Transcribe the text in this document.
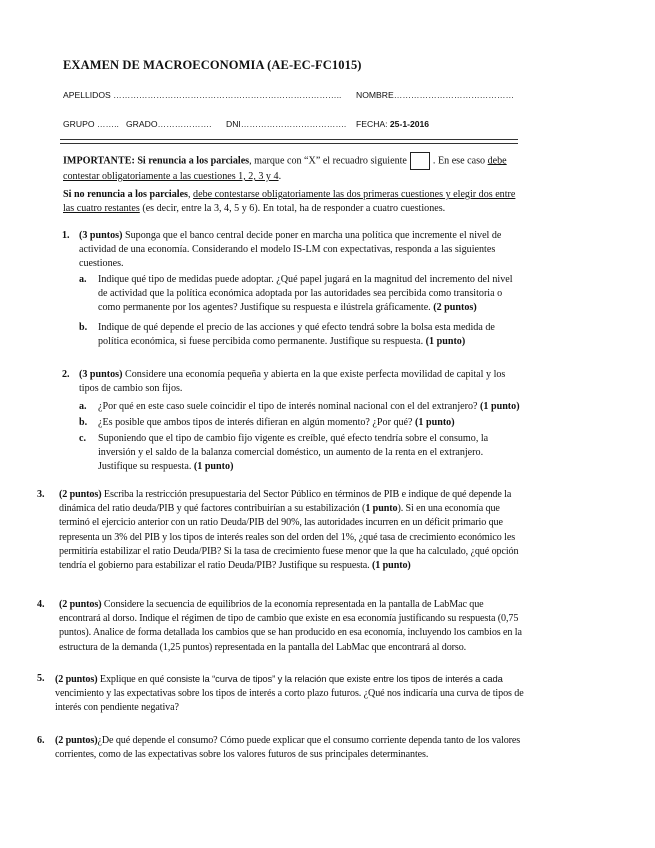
EXAMEN DE MACROECONOMIA (AE-EC-FC1015)
APELLIDOS …………………………………………………………………….. NOMBRE……………………………………
GRUPO …….. GRADO………………. DNI………………………………. FECHA: 25-1-2016
IMPORTANTE: Si renuncia a los parciales, marque con “X” el recuadro siguiente	. En ese caso debe
contestar obligatoriamente a las cuestiones 1, 2, 3 y 4.
Si no renuncia a los parciales, debe contestarse obligatoriamente las dos primeras cuestiones y elegir dos entre
las cuatro restantes (es decir, entre la 3, 4, 5 y 6). En total, ha de responder a cuatro cuestiones.
1. (3 puntos) Suponga que el banco central decide poner en marcha una política que incremente el nivel de
actividad de una economía. Considerando el modelo IS-LM con expectativas, responda a las siguientes
cuestiones.
a. Indique qué tipo de medidas puede adoptar. ¿Qué papel jugará en la magnitud del incremento del nivel
de actividad que la política económica adoptada por las autoridades sea percibida como transitoria o
como permanente por los agentes? Justifique su respuesta e ilústrela gráficamente. (2 puntos)
b. Indique de qué depende el precio de las acciones y qué efecto tendrá sobre la bolsa esta medida de
política económica, si fuese percibida como permanente. Justifique su respuesta. (1 punto)
2. (3 puntos) Considere una economía pequeña y abierta en la que existe perfecta movilidad de capital y los
tipos de cambio son fijos.
a. ¿Por qué en este caso suele coincidir el tipo de interés nominal nacional con el del extranjero? (1 punto)
b. ¿Es posible que ambos tipos de interés difieran en algún momento? ¿Por qué? (1 punto)
c. Suponiendo que el tipo de cambio fijo vigente es creíble, qué efecto tendría sobre el consumo, la
inversión y el saldo de la balanza comercial doméstico, un aumento de la renta en el extranjero.
Justifique su respuesta. (1 punto)
3. (2 puntos) Escriba la restricción presupuestaria del Sector Público en términos de PIB e indique de qué depende la
dinámica del ratio deuda/PIB y qué factores contribuirían a su estabilización (1 punto). Si en una economía que
terminó el ejercicio anterior con un ratio Deuda/PIB del 90%, las autoridades incurren en un déficit primario que
representa un 3% del PIB y los tipos de interés reales son del orden del 1%, ¿qué tasa de crecimiento económico les
permitiría estabilizar el ratio Deuda/PIB? Si la tasa de crecimiento fuese menor que la que ha calculado, ¿qué opción
tendría el gobierno para estabilizar el ratio Deuda/PIB? Justifique su respuesta. (1 punto)
4. (2 puntos) Considere la secuencia de equilibrios de la economía representada en la pantalla de LabMac que
encontrará al dorso. Indique el régimen de tipo de cambio que existe en esa economía justificando su respuesta (0,75
puntos). Analice de forma detallada los cambios que se han producido en esa economía, incluyendo los cambios en la
estructura de la demanda (1,25 puntos) representada en la pantalla del LabMac que encontrará al dorso.
5. (2 puntos) Explique en qué consiste la “curva de tipos” y la relación que existe entre los tipos de interés a cada
vencimiento y las expectativas sobre los tipos de interés a corto plazo futuros. ¿Qué nos indicaría una curva de tipos de
interés con pendiente negativa?
6. (2 puntos)¿De qué depende el consumo? Cómo puede explicar que el consumo corriente dependa tanto de los valores
corrientes, como de las expectativas sobre los valores futuros de sus principales determinantes.
